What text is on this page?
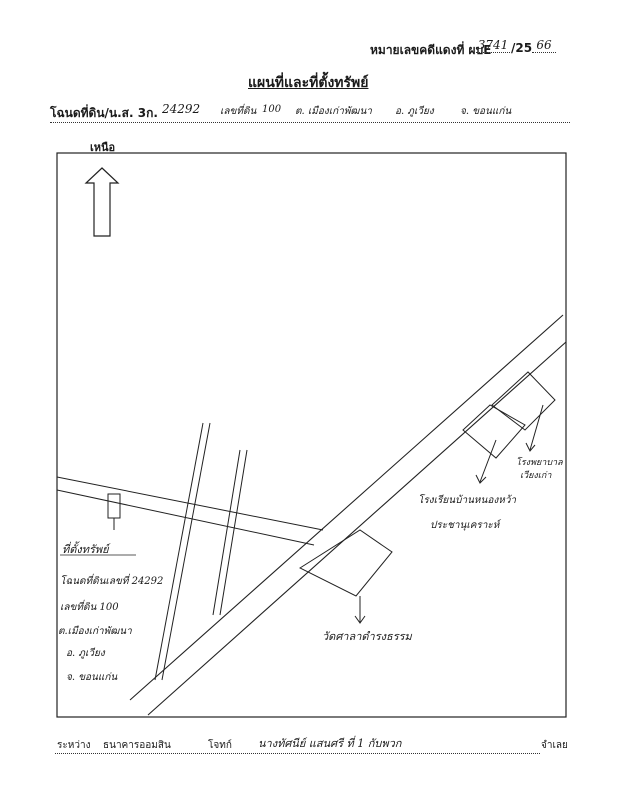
หมายเลขคดีแดงที่ ผบE
3741 /25 66
แผนที่และที่ตั้งทรัพย์
โฉนดที่ดิน/น.ส. 3ก. 24292 เลขที่ดิน 100 ต. เมืองเก่าพัฒนา อ. ภูเวียง	จ. ขอนแก่น
เหนือ
โรงพยาบาล
เวียงเก่า
โรงเรียนบ้านหนองหว้า
ประชานุเคราะห์
วัดศาลาดำรงธรรม
ที่ตั้งทรัพย์
โฉนดที่ดินเลขที่ 24292
เลขที่ดิน 100
ต.เมืองเก่าพัฒนา
อ. ภูเวียง
จ. ขอนแก่น
ระหว่าง ธนาคารออมสิน	โจทก์ นางทัศนีย์ แสนศรี ที่ 1 กับพวก	จำเลย
